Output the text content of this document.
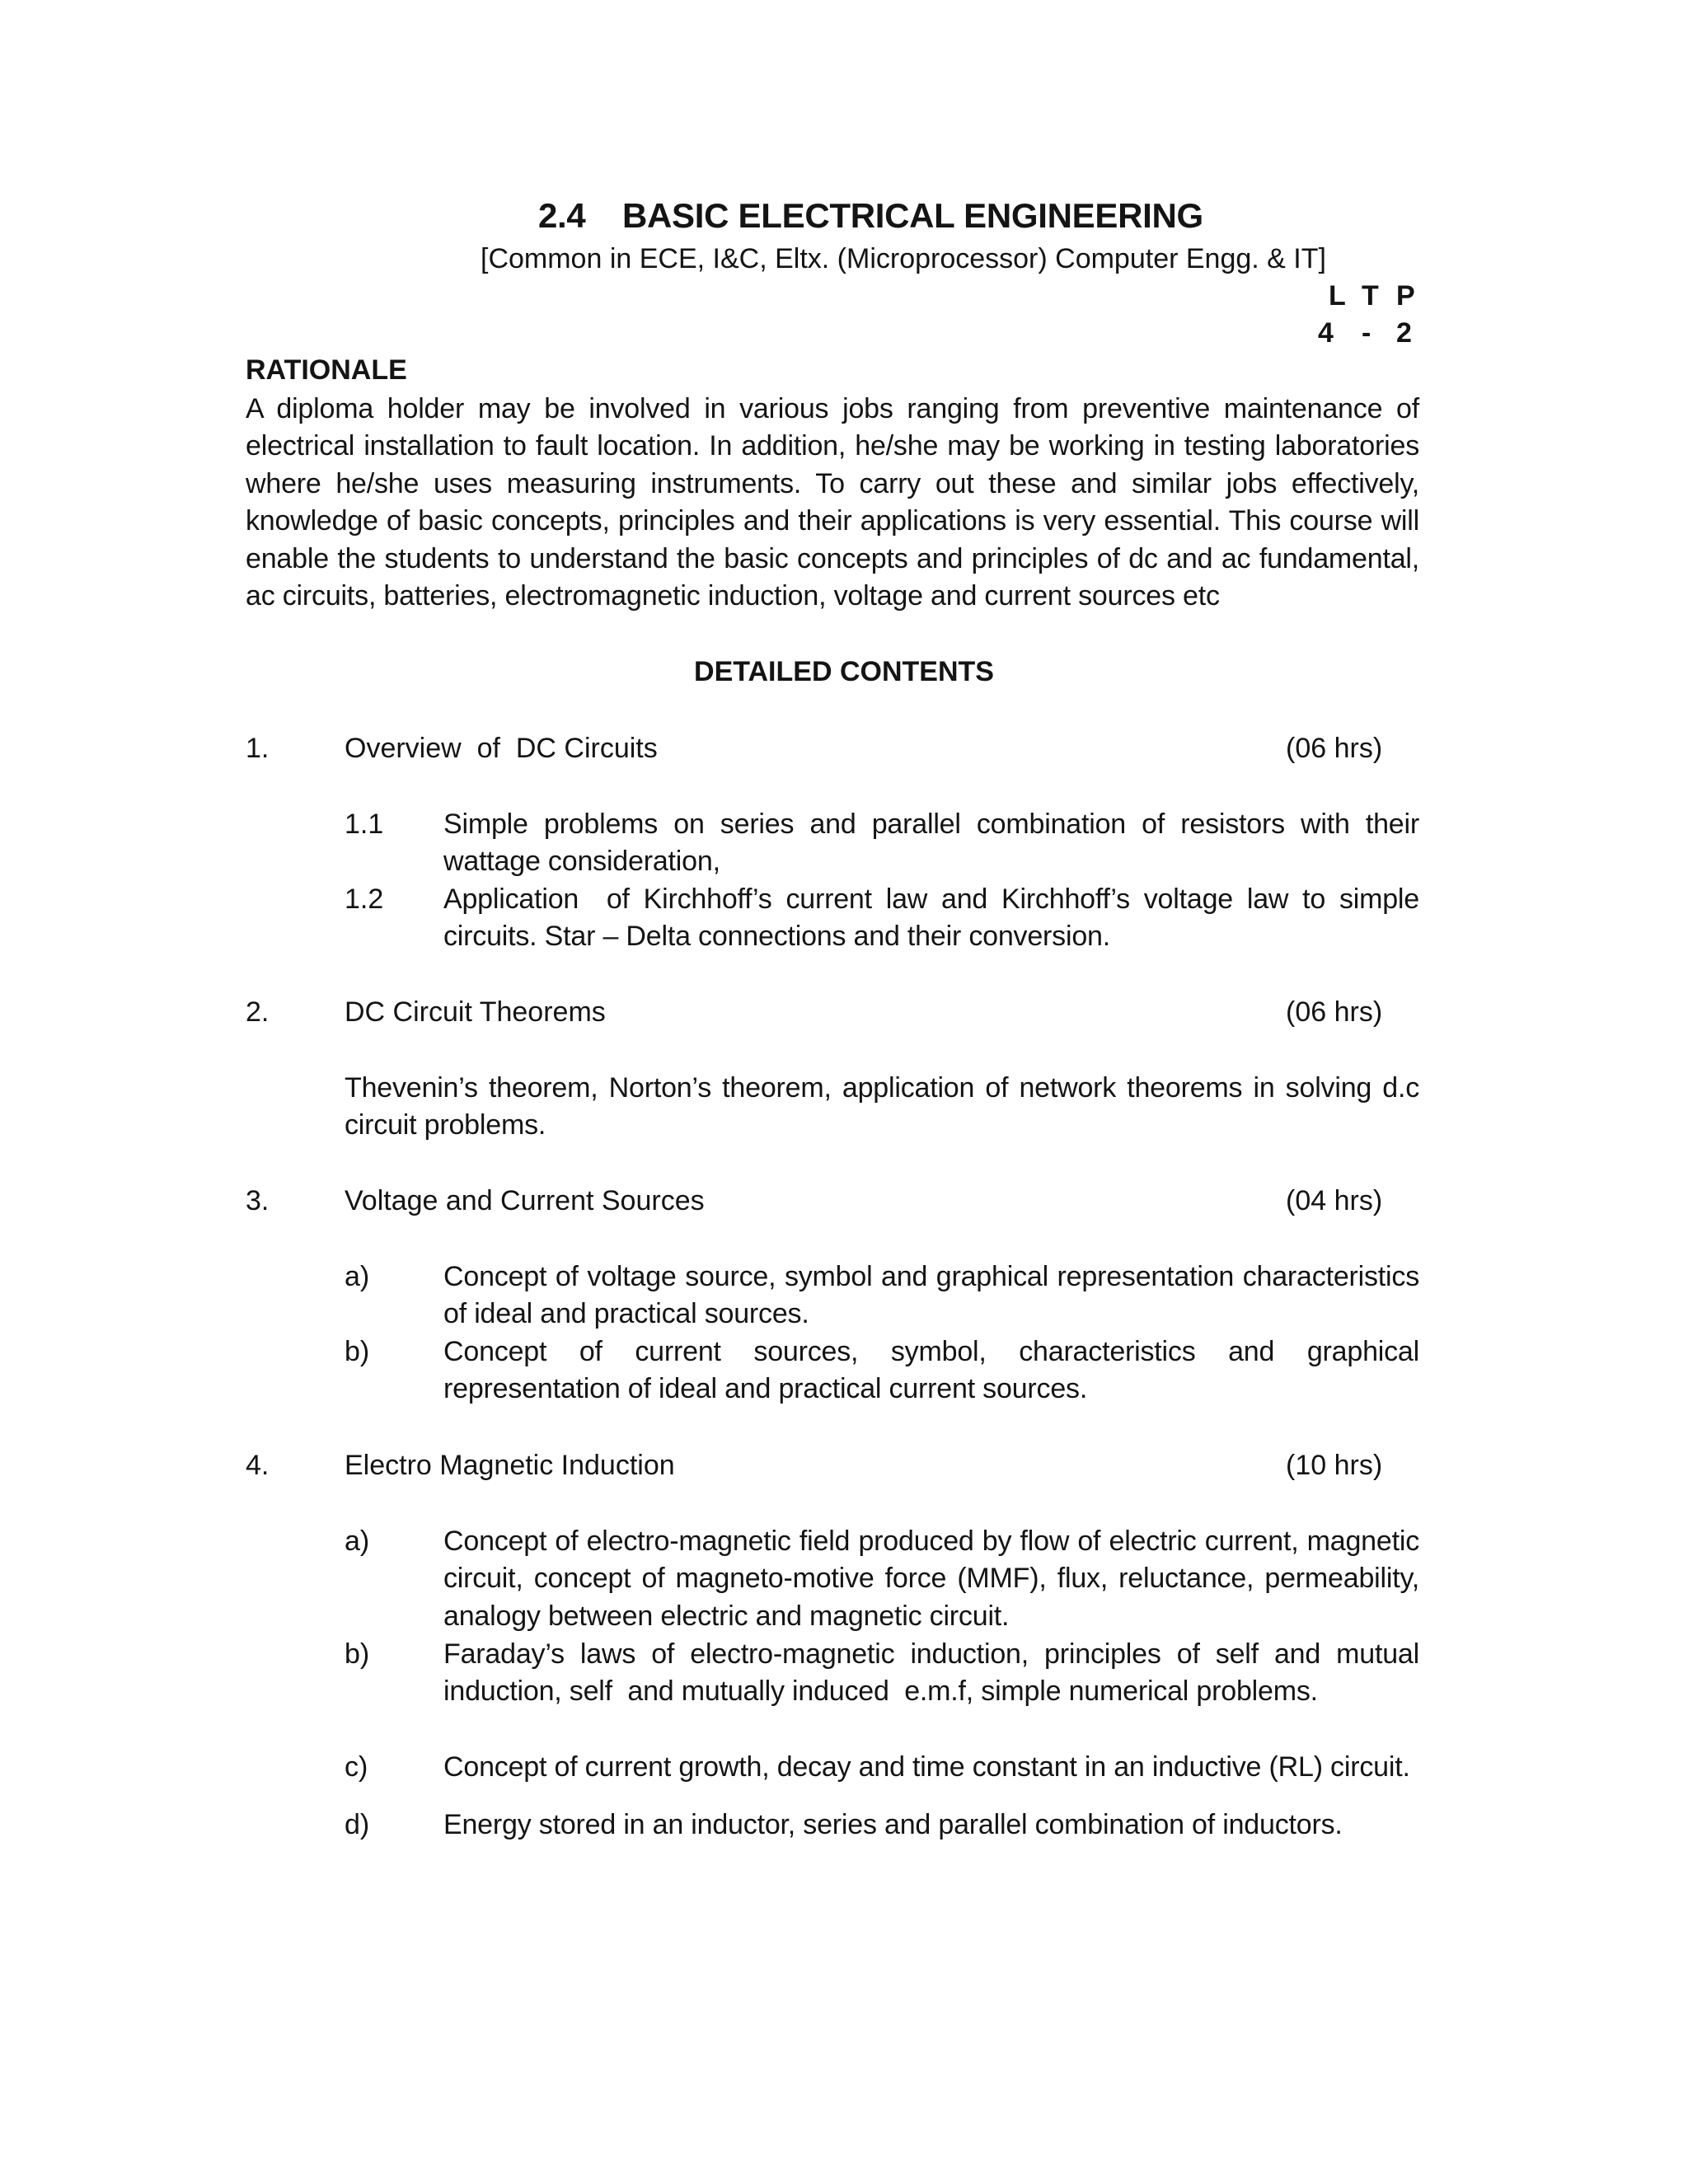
2.4 BASIC ELECTRICAL ENGINEERING
[Common in ECE, I&C, Eltx. (Microprocessor) Computer Engg. & IT]
L T P
4 - 2
RATIONALE
A diploma holder may be involved in various jobs ranging from preventive maintenance of electrical installation to fault location. In addition, he/she may be working in testing laboratories where he/she uses measuring instruments. To carry out these and similar jobs effectively, knowledge of basic concepts, principles and their applications is very essential. This course will enable the students to understand the basic concepts and principles of dc and ac fundamental, ac circuits, batteries, electromagnetic induction, voltage and current sources etc
DETAILED CONTENTS
1.	Overview  of  DC Circuits	(06 hrs)
1.1 Simple problems on series and parallel combination of resistors with their wattage consideration,
1.2 Application  of Kirchhoff’s current law and Kirchhoff’s voltage law to simple circuits. Star – Delta connections and their conversion.
2.	DC Circuit Theorems	(06 hrs)
Thevenin’s theorem, Norton’s theorem, application of network theorems in solving d.c circuit problems.
3.	Voltage and Current Sources	(04 hrs)
a)	Concept of voltage source, symbol and graphical representation characteristics of ideal and practical sources.
b)	Concept of current sources, symbol, characteristics and graphical representation of ideal and practical current sources.
4.	Electro Magnetic Induction	(10 hrs)
a)	Concept of electro-magnetic field produced by flow of electric current, magnetic circuit, concept of magneto-motive force (MMF), flux, reluctance, permeability, analogy between electric and magnetic circuit.
b)	Faraday’s laws of electro-magnetic induction, principles of self and mutual induction, self  and mutually induced  e.m.f, simple numerical problems.
c)	Concept of current growth, decay and time constant in an inductive (RL) circuit.
d)	Energy stored in an inductor, series and parallel combination of inductors.
